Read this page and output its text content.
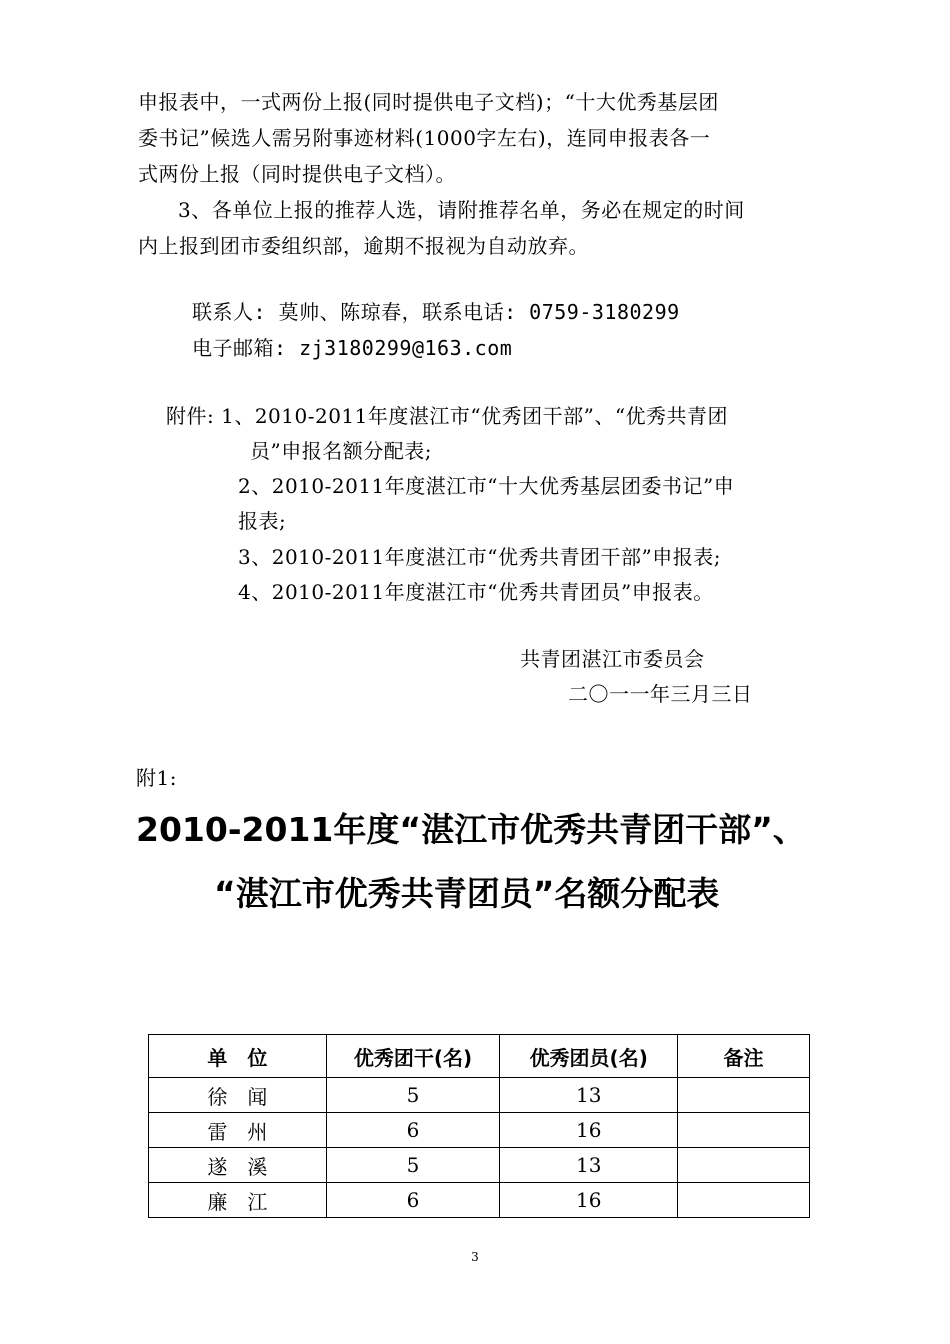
申报表中，一式两份上报(同时提供电子文档)；“十大优秀基层团
委书记”候选人需另附事迹材料(1000字左右)，连同申报表各一
式两份上报（同时提供电子文档）。
3、各单位上报的推荐人选，请附推荐名单，务必在规定的时间
内上报到团市委组织部，逾期不报视为自动放弃。
联系人: 莫帅、陈琼春，联系电话: 0759-3180299
电子邮箱: zj3180299@163.com
附件: 1、2010-2011年度湛江市“优秀团干部”、“优秀共青团
员”申报名额分配表;
2、2010-2011年度湛江市“十大优秀基层团委书记”申
报表;
3、2010-2011年度湛江市“优秀共青团干部”申报表;
4、2010-2011年度湛江市“优秀共青团员”申报表。
共青团湛江市委员会
二〇一一年三月三日
附1:
2010-2011年度“湛江市优秀共青团干部”、
“湛江市优秀共青团员”名额分配表
单　位	优秀团干(名)	优秀团员(名)	备注
徐　闻	5	13	
雷　州	6	16	
遂　溪	5	13	
廉　江	6	16	
3
